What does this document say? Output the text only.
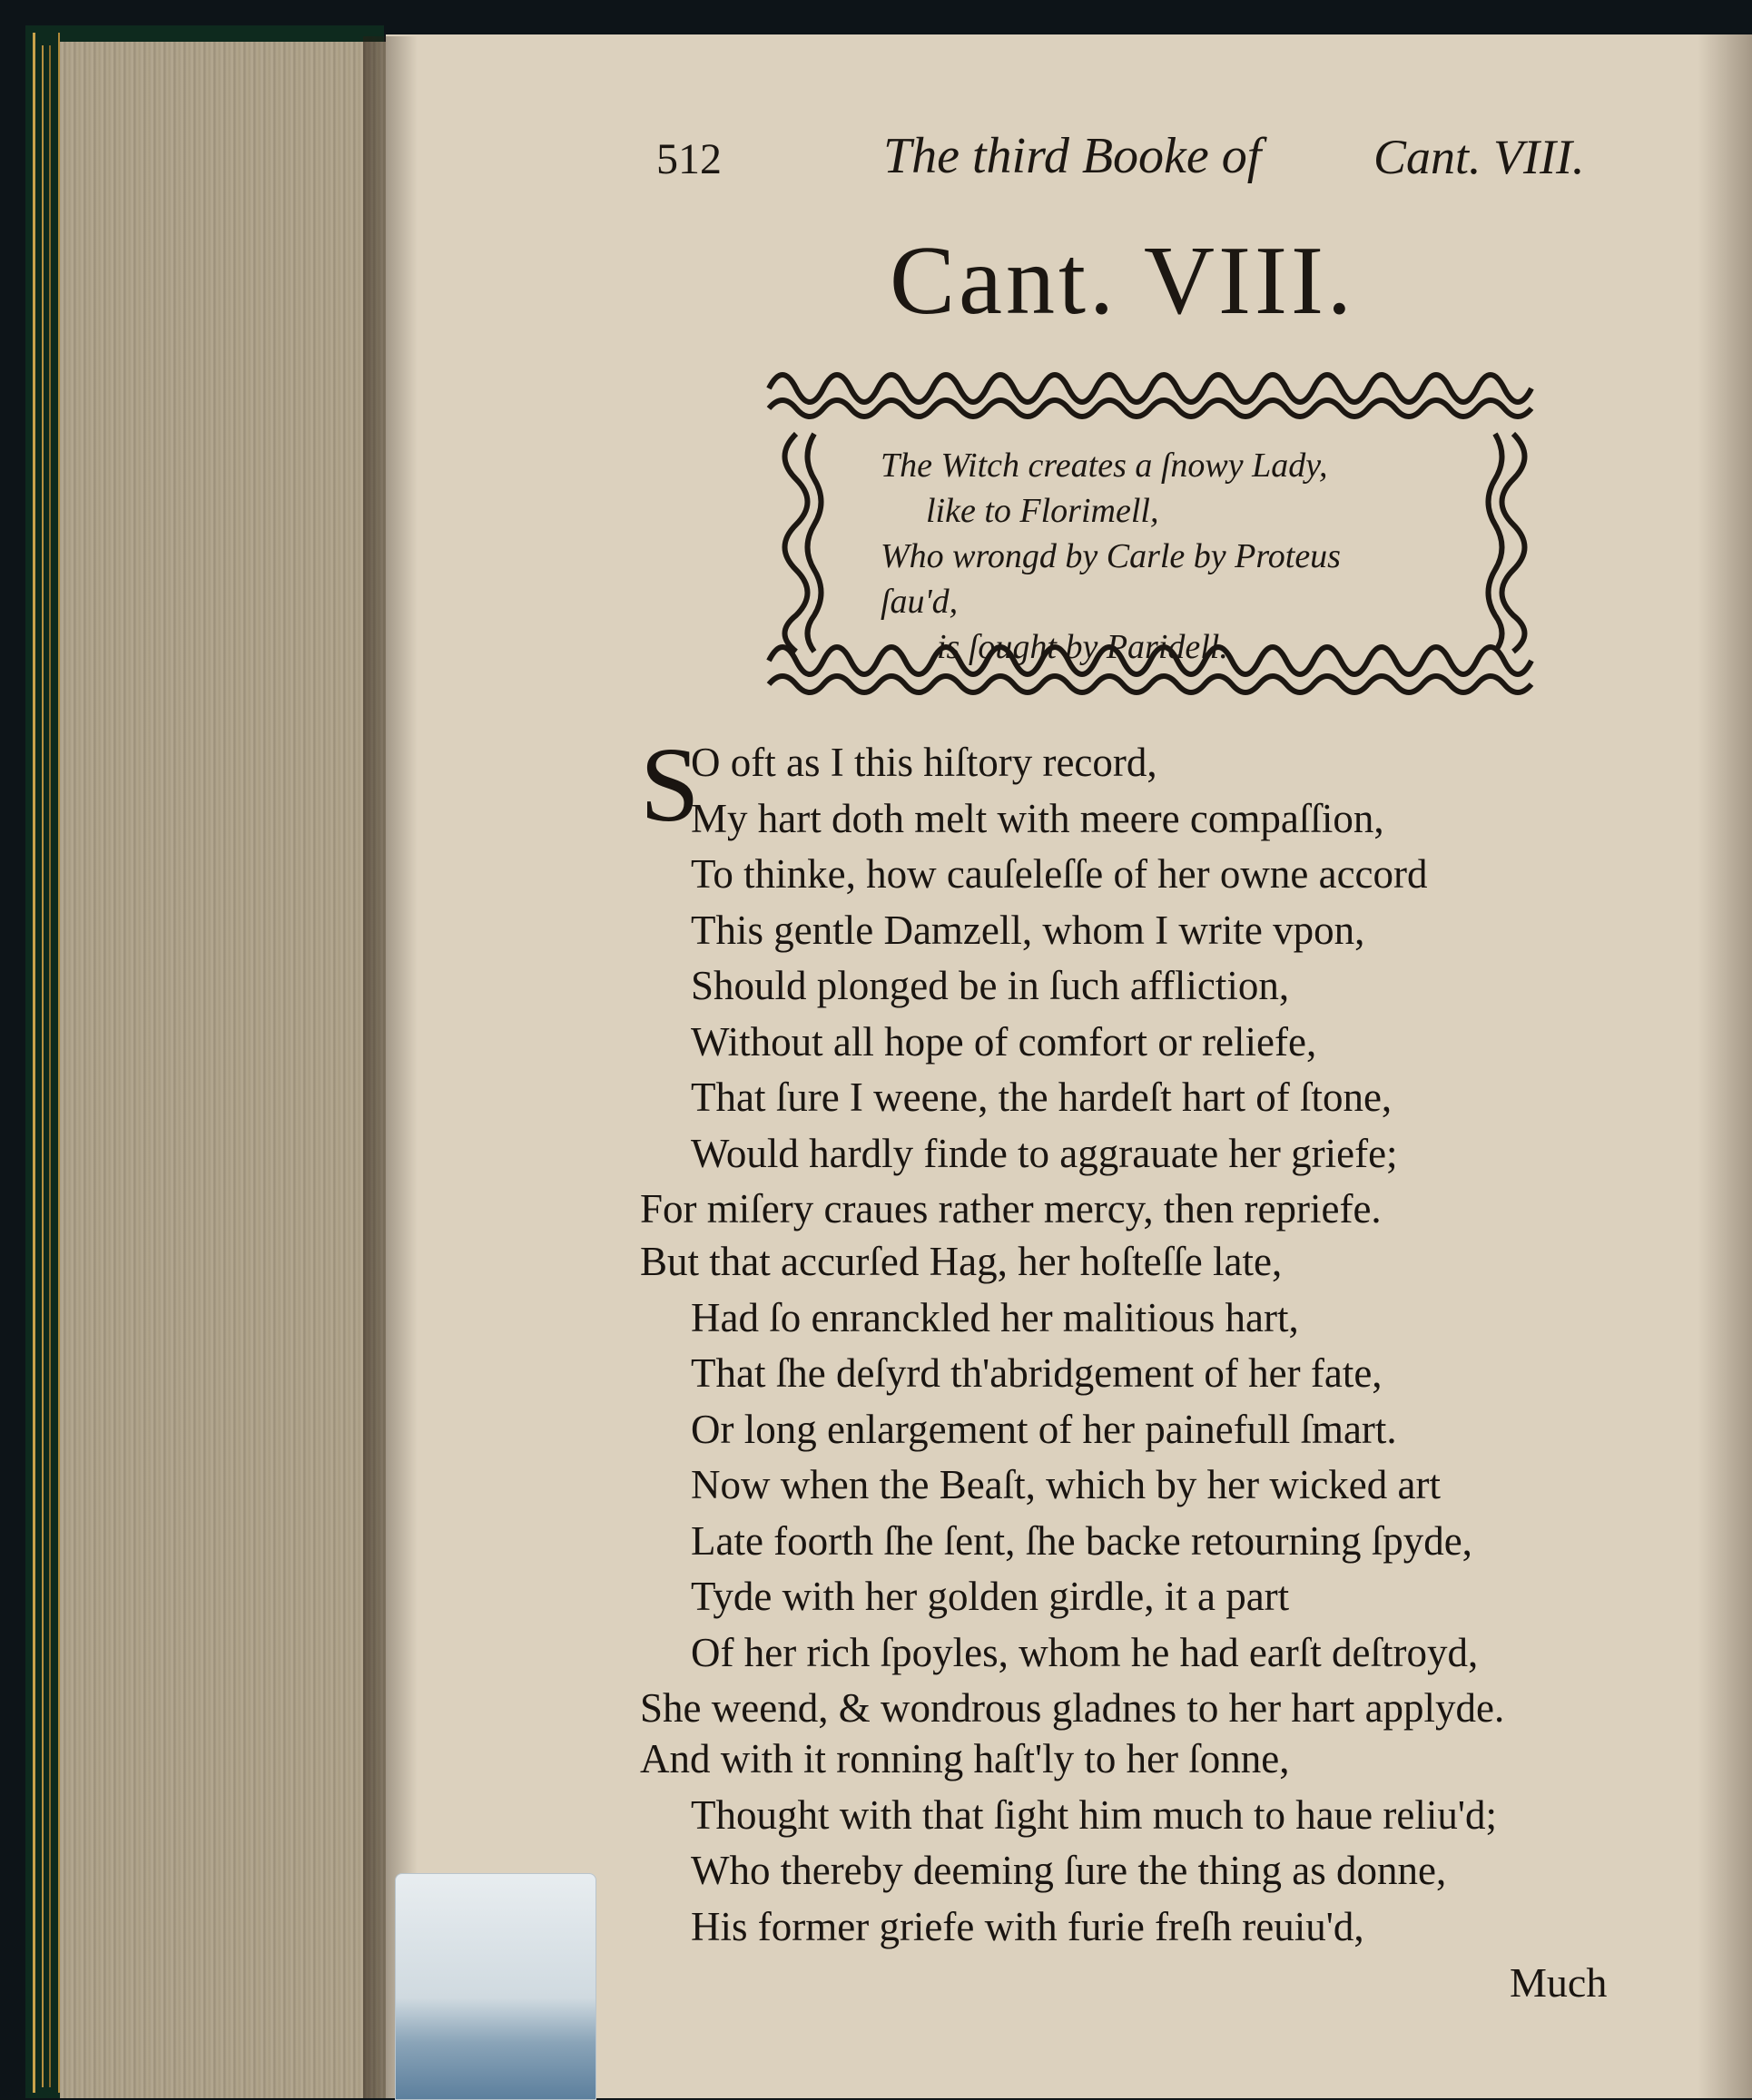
512	The third Booke of Cant. VIII.
Cant. VIII.
The Witch creates a ſnowy Lady,
like to Florimell,
Who wrongd by Carle by Proteus ſau'd,
is ſought by Paridell.
S
O oft as I this hiſtory record,
My hart doth melt with meere compaſſion,
To thinke, how cauſeleſſe of her owne accord
This gentle Damzell, whom I write vpon,
Should plonged be in ſuch affliction,
Without all hope of comfort or reliefe,
That ſure I weene, the hardeſt hart of ſtone,
Would hardly finde to aggrauate her griefe;
For miſery craues rather mercy, then repriefe.
But that accurſed Hag, her hoſteſſe late,
Had ſo enranckled her malitious hart,
That ſhe deſyrd th'abridgement of her fate,
Or long enlargement of her painefull ſmart.
Now when the Beaſt, which by her wicked art
Late foorth ſhe ſent, ſhe backe retourning ſpyde,
Tyde with her golden girdle, it a part
Of her rich ſpoyles, whom he had earſt deſtroyd,
She weend, & wondrous gladnes to her hart applyde.
And with it ronning haſt'ly to her ſonne,
Thought with that ſight him much to haue reliu'd;
Who thereby deeming ſure the thing as donne,
His former griefe with furie freſh reuiu'd,
Much
